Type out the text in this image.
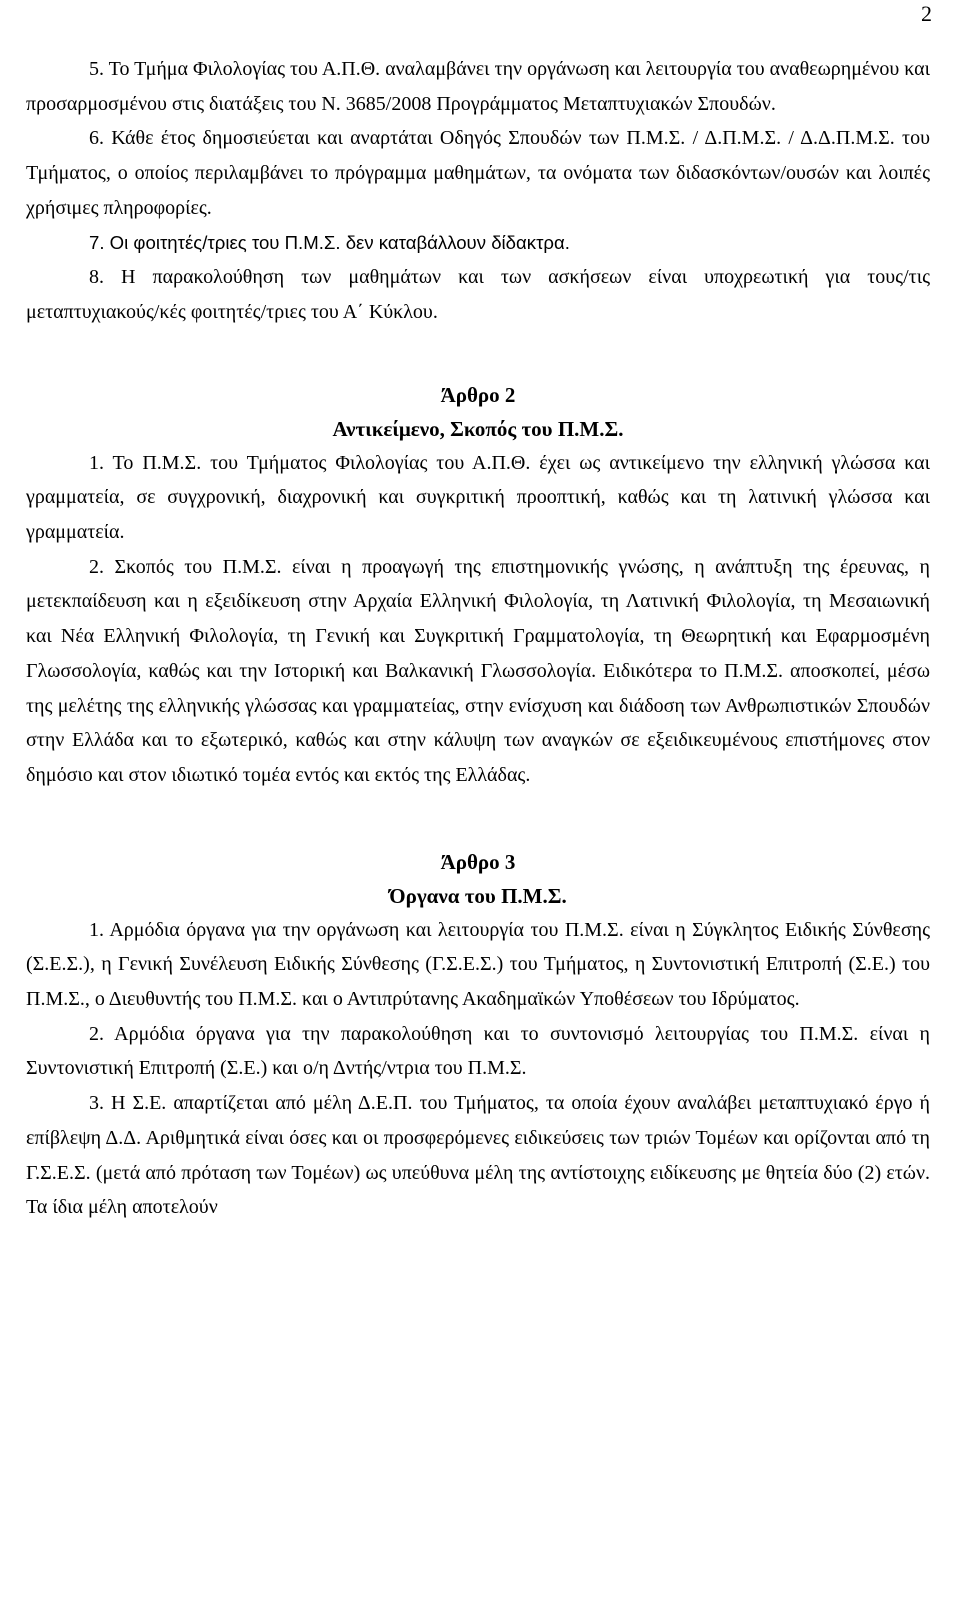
2

5. Το Τμήμα Φιλολογίας του Α.Π.Θ. αναλαμβάνει την οργάνωση και λειτουργία του αναθεωρημένου και προσαρμοσμένου στις διατάξεις του Ν. 3685/2008 Προγράμματος Μεταπτυχιακών Σπουδών.

6. Κάθε έτος δημοσιεύεται και αναρτάται Οδηγός Σπουδών των Π.Μ.Σ. / Δ.Π.Μ.Σ. / Δ.Δ.Π.Μ.Σ. του Τμήματος, ο οποίος περιλαμβάνει το πρόγραμμα μαθημάτων, τα ονόματα των διδασκόντων/ουσών και λοιπές χρήσιμες πληροφορίες.

7. Οι φοιτητές/τριες του Π.Μ.Σ. δεν καταβάλλουν δίδακτρα.

8. Η παρακολούθηση των μαθημάτων και των ασκήσεων είναι υποχρεωτική για τους/τις μεταπτυχιακούς/κές φοιτητές/τριες του Α΄ Κύκλου.

Άρθρο 2
Αντικείμενο, Σκοπός του Π.Μ.Σ.

1. Το Π.Μ.Σ. του Τμήματος Φιλολογίας του Α.Π.Θ. έχει ως αντικείμενο την ελληνική γλώσσα και γραμματεία, σε συγχρονική, διαχρονική και συγκριτική προοπτική, καθώς και τη λατινική γλώσσα και γραμματεία.

2. Σκοπός του Π.Μ.Σ. είναι η προαγωγή της επιστημονικής γνώσης, η ανάπτυξη της έρευνας, η μετεκπαίδευση και η εξειδίκευση στην Αρχαία Ελληνική Φιλολογία, τη Λατινική Φιλολογία, τη Μεσαιωνική και Νέα Ελληνική Φιλολογία, τη Γενική και Συγκριτική Γραμματολογία, τη Θεωρητική και Εφαρμοσμένη Γλωσσολογία, καθώς και την Ιστορική και Βαλκανική Γλωσσολογία. Ειδικότερα το Π.Μ.Σ. αποσκοπεί, μέσω της μελέτης της ελληνικής γλώσσας και γραμματείας, στην ενίσχυση και διάδοση των Ανθρωπιστικών Σπουδών στην Ελλάδα και το εξωτερικό, καθώς και στην κάλυψη των αναγκών σε εξειδικευμένους επιστήμονες στον δημόσιο και στον ιδιωτικό τομέα εντός και εκτός της Ελλάδας.

Άρθρο 3
Όργανα του Π.Μ.Σ.

1. Αρμόδια όργανα για την οργάνωση και λειτουργία του Π.Μ.Σ. είναι η Σύγκλητος Ειδικής Σύνθεσης (Σ.Ε.Σ.), η Γενική Συνέλευση Ειδικής Σύνθεσης (Γ.Σ.Ε.Σ.) του Τμήματος, η Συντονιστική Επιτροπή (Σ.Ε.) του Π.Μ.Σ., ο Διευθυντής του Π.Μ.Σ. και ο Αντιπρύτανης Ακαδημαϊκών Υποθέσεων του Ιδρύματος.

2. Αρμόδια όργανα για την παρακολούθηση και το συντονισμό λειτουργίας του Π.Μ.Σ. είναι η Συντονιστική Επιτροπή (Σ.Ε.) και ο/η Δντής/ντρια του Π.Μ.Σ.

3. Η Σ.Ε. απαρτίζεται από μέλη Δ.Ε.Π. του Τμήματος, τα οποία έχουν αναλάβει μεταπτυχιακό έργο ή επίβλεψη Δ.Δ. Αριθμητικά είναι όσες και οι προσφερόμενες ειδικεύσεις των τριών Τομέων και ορίζονται από τη Γ.Σ.Ε.Σ. (μετά από πρόταση των Τομέων) ως υπεύθυνα μέλη της αντίστοιχης ειδίκευσης με θητεία δύο (2) ετών. Τα ίδια μέλη αποτελούν
